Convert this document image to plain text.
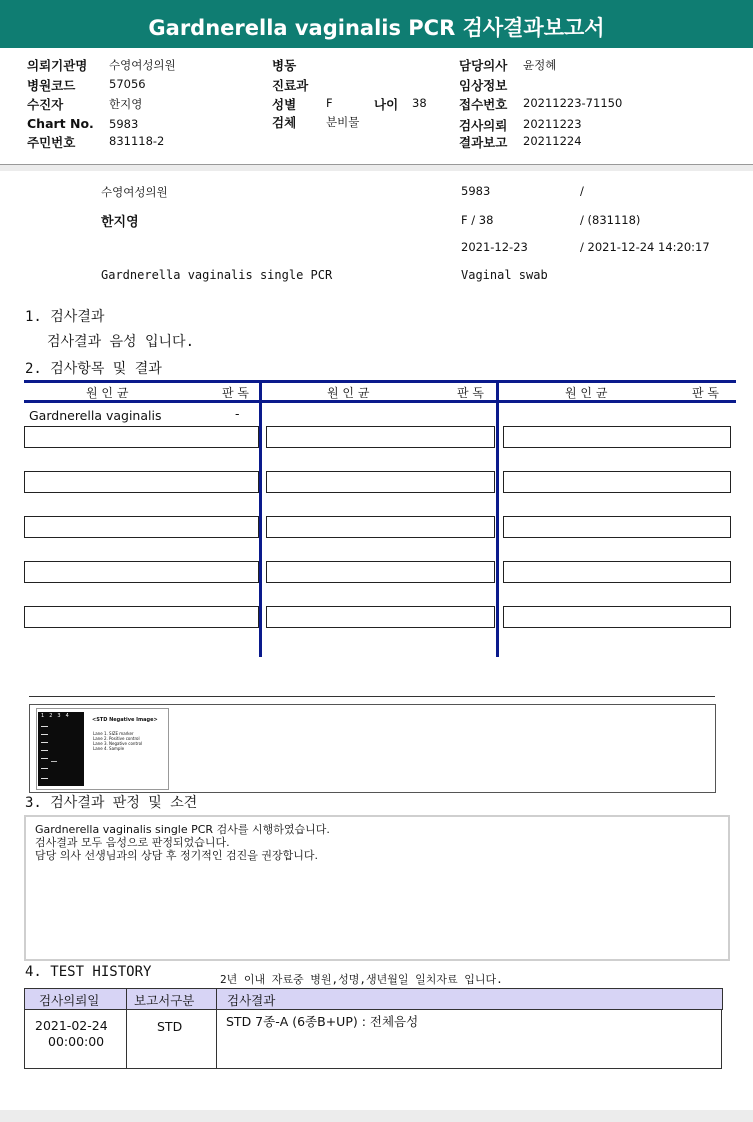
Gardnerella vaginalis PCR 검사결과보고서
의뢰기관명 수영여성의원
병원코드	57056
수진자	한지영
Chart No. 5983
주민번호	831118-2
병동
진료과
성별	F	나이 38
검체	분비물
담당의사 윤정혜
임상정보
접수번호 20211223-71150
검사의뢰 20211223
결과보고 20211224
수영여성의원	5983	/
한지영	F / 38	/ (831118)
2021-12-23	/ 2021-12-24 14:20:17
Gardnerella vaginalis single PCR	Vaginal swab
1. 검사결과
검사결과 음성 입니다.
2. 검사항목 및 결과
원 인 균	판 독	원 인 균	판 독	원 인 균	판 독
Gardnerella vaginalis	-
1234
<STD Negative Image>
Lane 1. SIZE marker
Lane 2. Positive control
Lane 3. Negative control
Lane 4. Sample
3. 검사결과 판정 및 소견
Gardnerella vaginalis single PCR 검사를 시행하였습니다.
검사결과 모두 음성으로 판정되었습니다.
담당 의사 선생님과의 상담 후 정기적인 검진을 권장합니다.
4. TEST HISTORY	2년 이내 자료중 병원,성명,생년월일 일치자료 입니다.
검사의뢰일	보고서구분	검사결과
2021-02-24
00:00:00
STD	STD 7종-A (6종B+UP) : 전체음성
